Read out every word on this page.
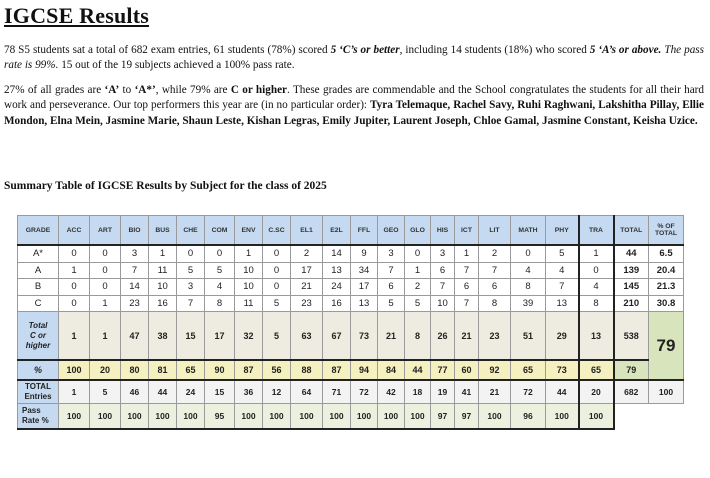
IGCSE Results

78 S5 students sat a total of 682 exam entries, 61 students (78%) scored 5 ‘C’s or better, including 14 students (18%) who scored 5 ‘A’s or above. The pass rate is 99%. 15 out of the 19 subjects achieved a 100% pass rate.

27% of all grades are ‘A’ to ‘A*’, while 79% are C or higher. These grades are commendable and the School congratulates the students for all their hard work and perseverance. Our top performers this year are (in no particular order): Tyra Telemaque, Rachel Savy, Ruhi Raghwani, Lakshitha Pillay, Ellie Mondon, Elna Mein, Jasmine Marie, Shaun Leste, Kishan Legras, Emily Jupiter, Laurent Joseph, Chloe Gamal, Jasmine Constant, Keisha Uzice.

Summary Table of IGCSE Results by Subject for the class of 2025

GRADE	ACC	ART	BIO	BUS	CHE	COM	ENV	C.SC	EL1	E2L	FFL	GEO	GLO	HIS	ICT	LIT	MATH	PHY	TRA	TOTAL	% OF
TOTAL
A*	0	0	3	1	0	0	1	0	2	14	9	3	0	3	1	2	0	5	1	44	6.5
A	1	0	7	11	5	5	10	0	17	13	34	7	1	6	7	7	4	4	0	139	20.4
B	0	0	14	10	3	4	10	0	21	24	17	6	2	7	6	6	8	7	4	145	21.3
C	0	1	23	16	7	8	11	5	23	16	13	5	5	10	7	8	39	13	8	210	30.8
Total
C or
higher	1	1	47	38	15	17	32	5	63	67	73	21	8	26	21	23	51	29	13	538	79
%	100	20	80	81	65	90	87	56	88	87	94	84	44	77	60	92	65	73	65	79	
TOTAL
Entries	1	5	46	44	24	15	36	12	64	71	72	42	18	19	41	21	72	44	20	682	100
Pass
Rate %	100	100	100	100	100	95	100	100	100	100	100	100	100	97	97	100	96	100	100		
